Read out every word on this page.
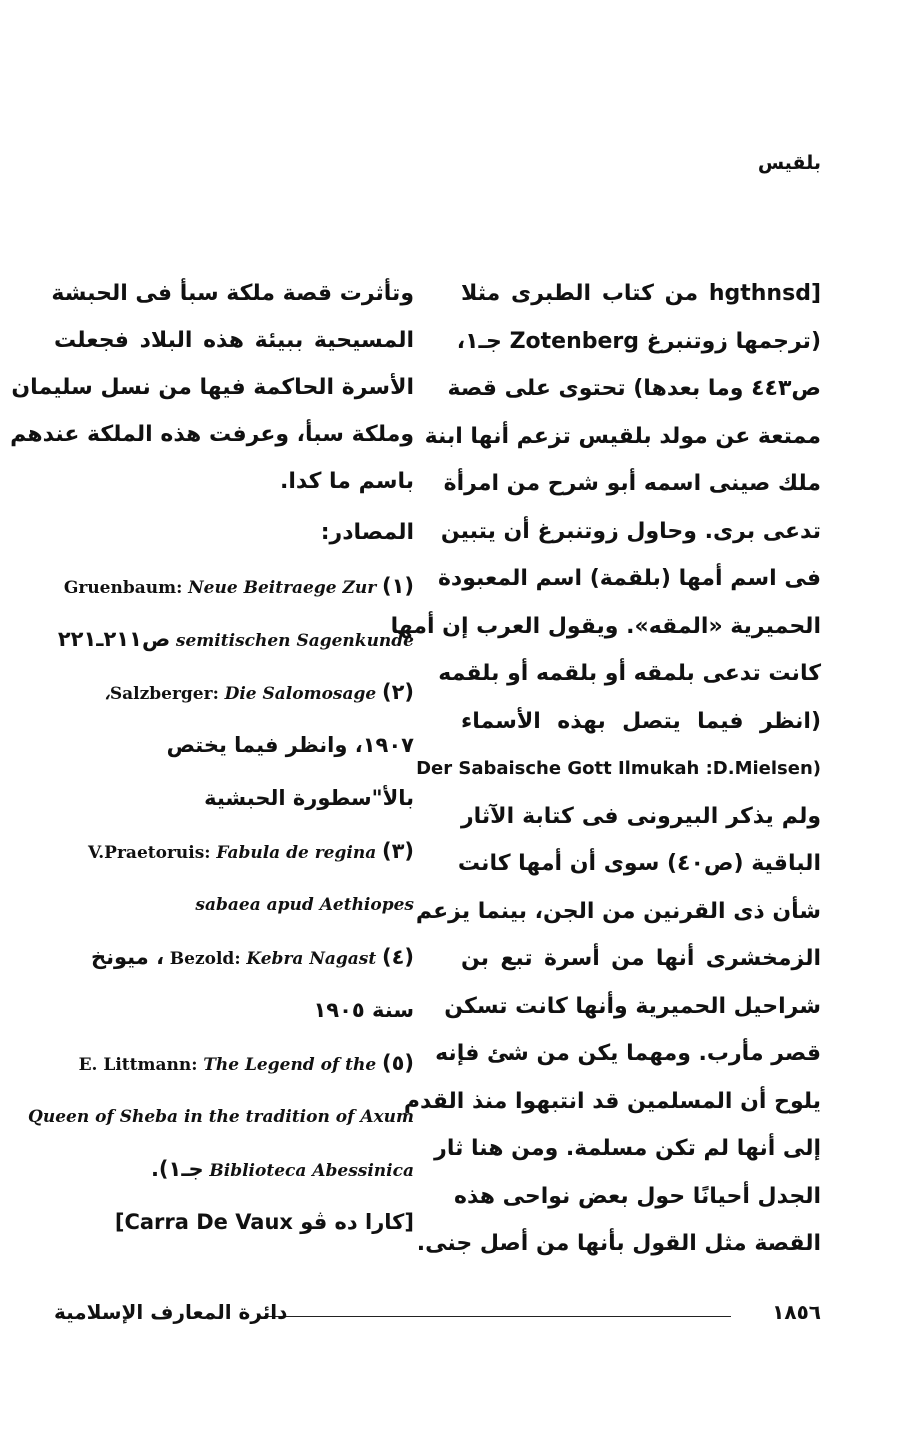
بلقيس
[hgthnsd من كتاب الطبرى مثلا
(ترجمها زوتنبرغ Zotenberg جـ١،
ص٤٤٣ وما بعدها) تحتوى على قصة
ممتعة عن مولد بلقيس تزعم أنها ابنة
ملك صينى اسمه أبو شرح من امرأة
تدعى برى. وحاول زوتنبرغ أن يتبين
فى اسم أمها (بلقمة) اسم المعبودة
الحميرية «المقه». ويقول العرب إن أمها
كانت تدعى بلمقه أو بلقمه أو بلقمه
(انظر فيما يتصل بهذه الأسماء
(Der Sabaische Gott Ilmukah :D.Mielsen
ولم يذكر البيرونى فى كتابة الآثار
الباقية (ص٤٠) سوى أن أمها كانت
شأن ذى القرنين من الجن، بينما يزعم
الزمخشرى أنها من أسرة تبع بن
شراحيل الحميرية وأنها كانت تسكن
قصر مأرب. ومهما يكن من شئ فإنه
يلوح أن المسلمين قد انتبهوا منذ القدم
إلى أنها لم تكن مسلمة. ومن هنا ثار
الجدل أحيانًا حول بعض نواحى هذه
القصة مثل القول بأنها من أصل جنى.
وتأثرت قصة ملكة سبأ فى الحبشة
المسيحية ببيئة هذه البلاد فجعلت
الأسرة الحاكمة فيها من نسل سليمان
وملكة سبأ، وعرفت هذه الملكة عندهم
باسم ما كدا.
المصادر:
(١) Gruenbaum: Neue Beitraege Zur
semitischen Sagenkunde ص٢١١ـ٢٢١
(٢) Salzberger: Die Salomosage،
١٩٠٧، وانظر فيما يختص
بالأ"سطورة الحبشية
(٣) V.Praetoruis: Fabula de regina
sabaea apud Aethiopes
(٤) Bezold: Kebra Nagast ، ميونخ
سنة ١٩٠٥
(٥) E. Littmann: The Legend of the
Queen of Sheba in the tradition of Axum
Biblioteca Abessinica جـ١).
[كارا ده ڤو Carra De Vaux]
١٨٥٦
دائرة المعارف الإسلامية
